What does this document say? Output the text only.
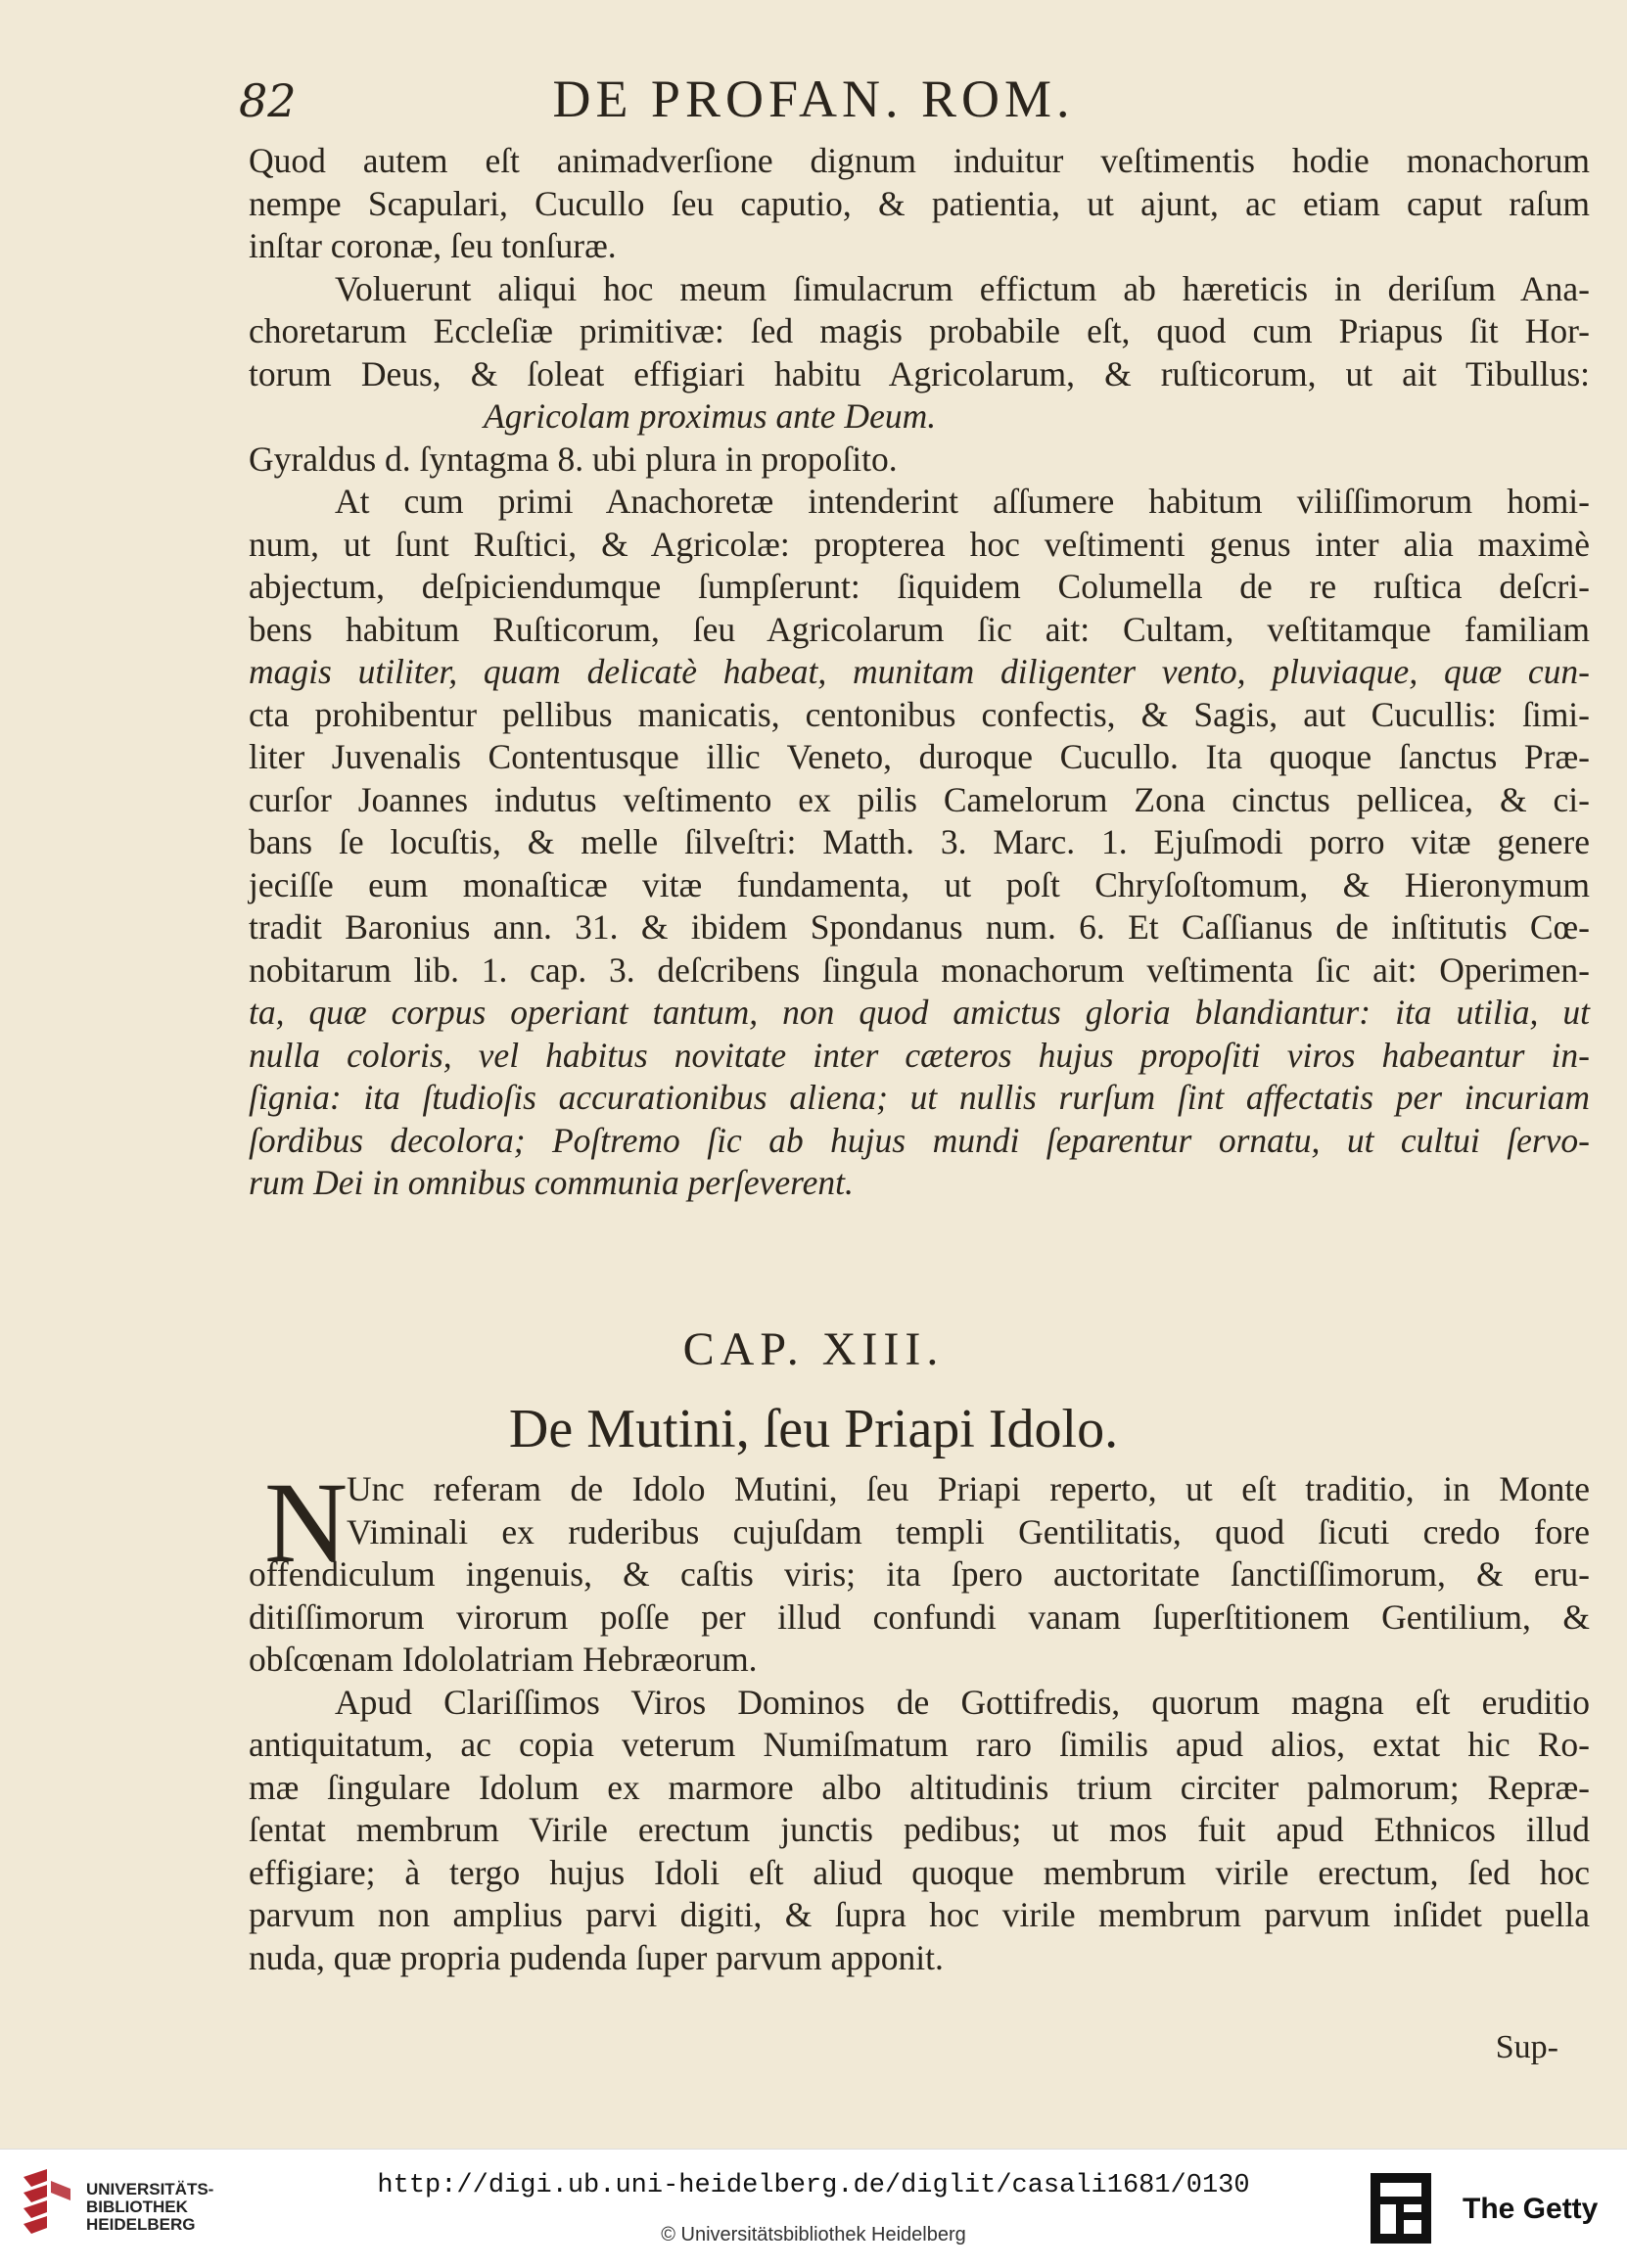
82	DE PROFAN. ROM.
Quod autem eſt animadverſione dignum induitur veſtimentis hodie monachorum
nempe Scapulari, Cucullo ſeu caputio, & patientia, ut ajunt, ac etiam caput raſum
inſtar coronæ, ſeu tonſuræ.
Voluerunt aliqui hoc meum ſimulacrum effictum ab hæreticis in deriſum Ana-
choretarum Eccleſiæ primitivæ: ſed magis probabile eſt, quod cum Priapus ſit Hor-
torum Deus, & ſoleat effigiari habitu Agricolarum, & ruſticorum, ut ait Tibullus:
Agricolam proximus ante Deum.
Gyraldus d. ſyntagma 8. ubi plura in propoſito.
At cum primi Anachoretæ intenderint aſſumere habitum viliſſimorum homi-
num, ut ſunt Ruſtici, & Agricolæ: propterea hoc veſtimenti genus inter alia maximè
abjectum, deſpiciendumque ſumpſerunt: ſiquidem Columella de re ruſtica deſcri-
bens habitum Ruſticorum, ſeu Agricolarum ſic ait: Cultam, veſtitamque familiam
magis utiliter, quam delicatè habeat, munitam diligenter vento, pluviaque, quæ cun-
cta prohibentur pellibus manicatis, centonibus confectis, & Sagis, aut Cucullis: ſimi-
liter Juvenalis Contentusque illic Veneto, duroque Cucullo. Ita quoque ſanctus Præ-
curſor Joannes indutus veſtimento ex pilis Camelorum Zona cinctus pellicea, & ci-
bans ſe locuſtis, & melle ſilveſtri: Matth. 3. Marc. 1. Ejuſmodi porro vitæ genere
jeciſſe eum monaſticæ vitæ fundamenta, ut poſt Chryſoſtomum, & Hieronymum
tradit Baronius ann. 31. & ibidem Spondanus num. 6. Et Caſſianus de inſtitutis Cœ-
nobitarum lib. 1. cap. 3. deſcribens ſingula monachorum veſtimenta ſic ait: Operimen-
ta, quæ corpus operiant tantum, non quod amictus gloria blandiantur: ita utilia, ut
nulla coloris, vel habitus novitate inter cæteros hujus propoſiti viros habeantur in-
ſignia: ita ſtudioſis accurationibus aliena; ut nullis rurſum ſint affectatis per incuriam
ſordibus decolora; Poſtremo ſic ab hujus mundi ſeparentur ornatu, ut cultui ſervo-
rum Dei in omnibus communia perſeverent.
CAP. XIII.
De Mutini, ſeu Priapi Idolo.
N
Unc referam de Idolo Mutini, ſeu Priapi reperto, ut eſt traditio, in Monte
Viminali ex ruderibus cujuſdam templi Gentilitatis, quod ſicuti credo fore
offendiculum ingenuis, & caſtis viris; ita ſpero auctoritate ſanctiſſimorum, & eru-
ditiſſimorum virorum poſſe per illud confundi vanam ſuperſtitionem Gentilium, &
obſcœnam Idololatriam Hebræorum.
Apud Clariſſimos Viros Dominos de Gottifredis, quorum magna eſt eruditio
antiquitatum, ac copia veterum Numiſmatum raro ſimilis apud alios, extat hic Ro-
mæ ſingulare Idolum ex marmore albo altitudinis trium circiter palmorum; Repræ-
ſentat membrum Virile erectum junctis pedibus; ut mos fuit apud Ethnicos illud
effigiare; à tergo hujus Idoli eſt aliud quoque membrum virile erectum, ſed hoc
parvum non amplius parvi digiti, & ſupra hoc virile membrum parvum inſidet puella
nuda, quæ propria pudenda ſuper parvum apponit.
Sup-
UNIVERSITÄTS-
BIBLIOTHEK
HEIDELBERG
http://digi.ub.uni-heidelberg.de/diglit/casali1681/0130
© Universitätsbibliothek Heidelberg
The Getty
